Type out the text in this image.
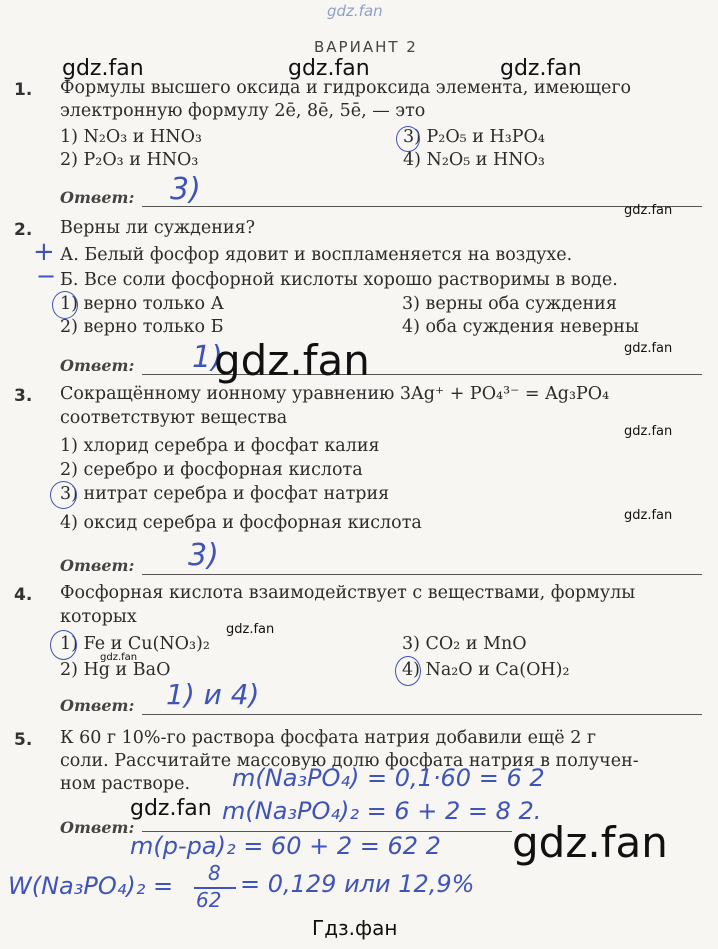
gdz.fan
ВАРИАНТ 2
1. Формулы высшего оксида и гидроксида элемента, имеющего
электронную формулу 2ē, 8ē, 5ē, — это
1) N₂O₃ и HNO₃
2) P₂O₃ и HNO₃
3) P₂O₅ и H₃PO₄
4) N₂O₅ и HNO₃
Ответ: 3)
gdz.fan	gdz.fan	gdz.fan
gdz.fan
2. Верны ли суждения?
+ А. Белый фосфор ядовит и воспламеняется на воздухе.
− Б. Все соли фосфорной кислоты хорошо растворимы в воде.
1) верно только А
2) верно только Б
3) верны оба суждения
4) оба суждения неверны
Ответ: 1)
gdz.fan	gdz.fan
3. Сокращённому ионному уравнению 3Ag⁺ + PO₄³⁻ = Ag₃PO₄
соответствуют вещества
1) хлорид серебра и фосфат калия
2) серебро и фосфорная кислота
3) нитрат серебра и фосфат натрия
4) оксид серебра и фосфорная кислота
Ответ: 3)
gdz.fan
gdz.fan
4. Фосфорная кислота взаимодействует с веществами, формулы
которых
1) Fe и Cu(NO₃)₂
2) Hg и BaO
3) CO₂ и MnO
4) Na₂O и Ca(OH)₂
Ответ: 1) и 4)
gdz.fan
gdz.fan
5. К 60 г 10%-го раствора фосфата натрия добавили ещё 2 г
соли. Рассчитайте массовую долю фосфата натрия в получен-
ном растворе. m(Na₃PO₄) = 0,1·60 = 6 2
m(Na₃PO₄)₂ = 6 + 2 = 8 2.
Ответ:
m(р-ра)₂ = 60 + 2 = 62 2
W(Na₃PO₄)₂ = 8
62
= 0,129 или 12,9%
gdz.fan
gdz.fan
Гдз.фан
